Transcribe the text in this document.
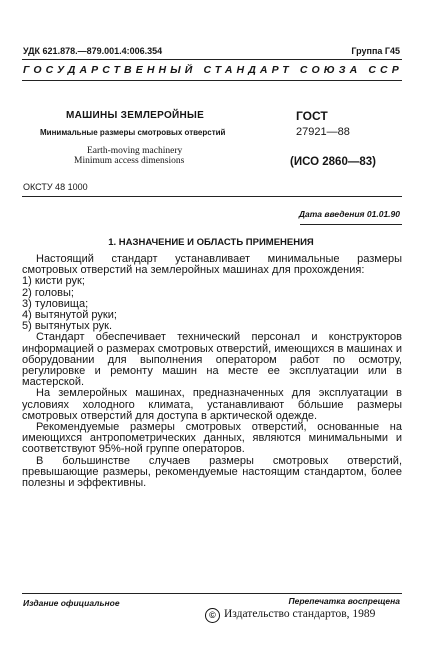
УДК 621.878.—879.001.4:006.354	Группа Г45
ГОСУДАРСТВЕННЫЙ СТАНДАРТ СОЮЗА ССР
МАШИНЫ ЗЕМЛЕРОЙНЫЕ
Минимальные размеры смотровых отверстий
Earth-moving machinery
Minimum access dimensions
ГОСТ
27921—88
(ИСО 2860—83)
ОКСТУ 48 1000
Дата введения 01.01.90
1. НАЗНАЧЕНИЕ И ОБЛАСТЬ ПРИМЕНЕНИЯ

Настоящий стандарт устанавливает минимальные размеры смотровых отверстий на землеройных машинах для прохождения:

1) кисти рук;
2) головы;
3) туловища;
4) вытянутой руки;
5) вытянутых рук.

Стандарт обеспечивает технический персонал и конструкторов информацией о размерах смотровых отверстий, имеющихся в машинах и оборудовании для выполнения оператором работ по осмотру, регулировке и ремонту машин на месте ее эксплуатации или в мастерской.

На землеройных машинах, предназначенных для эксплуатации в условиях холодного климата, устанавливают бóльшие размеры смотровых отверстий для доступа в арктической одежде.

Рекомендуемые размеры смотровых отверстий, основанные на имеющихся антропометрических данных, являются минимальными и соответствуют 95%-ной группе операторов.

В большинстве случаев размеры смотровых отверстий, превышающие размеры, рекомендуемые настоящим стандартом, более полезны и эффективны.

Издание официальное	Перепечатка воспрещена
© Издательство стандартов, 1989
